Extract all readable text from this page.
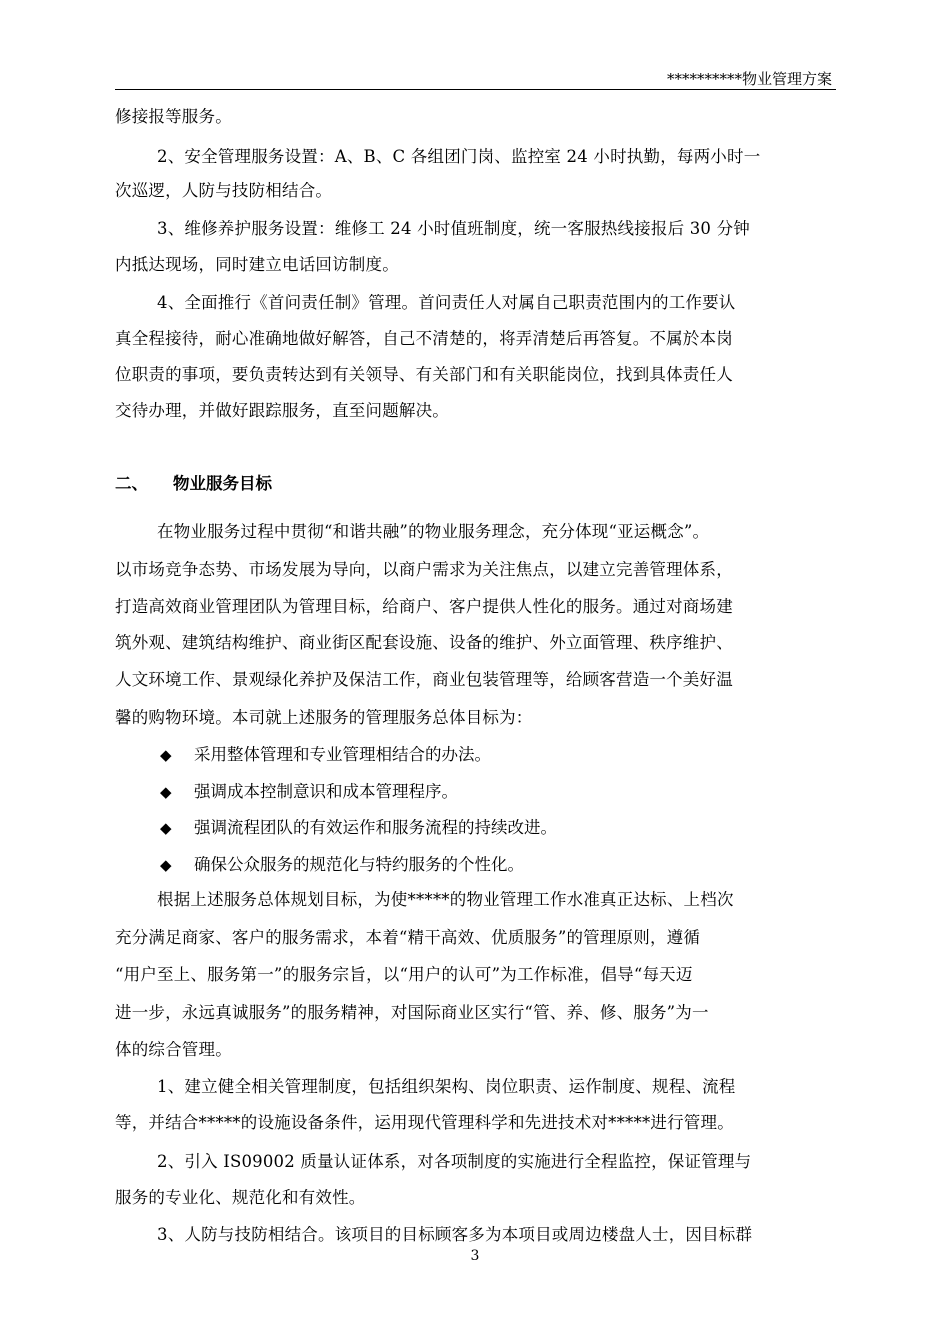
**********物业管理方案
修接报等服务。
2、安全管理服务设置：A、B、C 各组团门岗、监控室 24 小时执勤，每两小时一
次巡逻，人防与技防相结合。
3、维修养护服务设置：维修工 24 小时值班制度，统一客服热线接报后 30 分钟
内抵达现场，同时建立电话回访制度。
4、全面推行《首问责任制》管理。首问责任人对属自己职责范围内的工作要认
真全程接待，耐心准确地做好解答，自己不清楚的，将弄清楚后再答复。不属於本岗
位职责的事项，要负责转达到有关领导、有关部门和有关职能岗位，找到具体责任人
交待办理，并做好跟踪服务，直至问题解决。
二、 物业服务目标
在物业服务过程中贯彻“和谐共融”的物业服务理念，充分体现“亚运概念”。
以市场竞争态势、市场发展为导向，以商户需求为关注焦点，以建立完善管理体系，
打造高效商业管理团队为管理目标，给商户、客户提供人性化的服务。通过对商场建
筑外观、建筑结构维护、商业街区配套设施、设备的维护、外立面管理、秩序维护、
人文环境工作、景观绿化养护及保洁工作，商业包装管理等，给顾客营造一个美好温
馨的购物环境。本司就上述服务的管理服务总体目标为：
◆ 采用整体管理和专业管理相结合的办法。
◆ 强调成本控制意识和成本管理程序。
◆ 强调流程团队的有效运作和服务流程的持续改进。
◆ 确保公众服务的规范化与特约服务的个性化。
根据上述服务总体规划目标，为使*****的物业管理工作水准真正达标、上档次
充分满足商家、客户的服务需求，本着“精干高效、优质服务”的管理原则，遵循
“用户至上、服务第一”的服务宗旨，以“用户的认可”为工作标准，倡导“每天迈
进一步，永远真诚服务”的服务精神，对国际商业区实行“管、养、修、服务”为一
体的综合管理。
1、建立健全相关管理制度，包括组织架构、岗位职责、运作制度、规程、流程
等，并结合*****的设施设备条件，运用现代管理科学和先进技术对*****进行管理。
2、引入 IS09002 质量认证体系，对各项制度的实施进行全程监控，保证管理与
服务的专业化、规范化和有效性。
3、人防与技防相结合。该项目的目标顾客多为本项目或周边楼盘人士，因目标群
3
